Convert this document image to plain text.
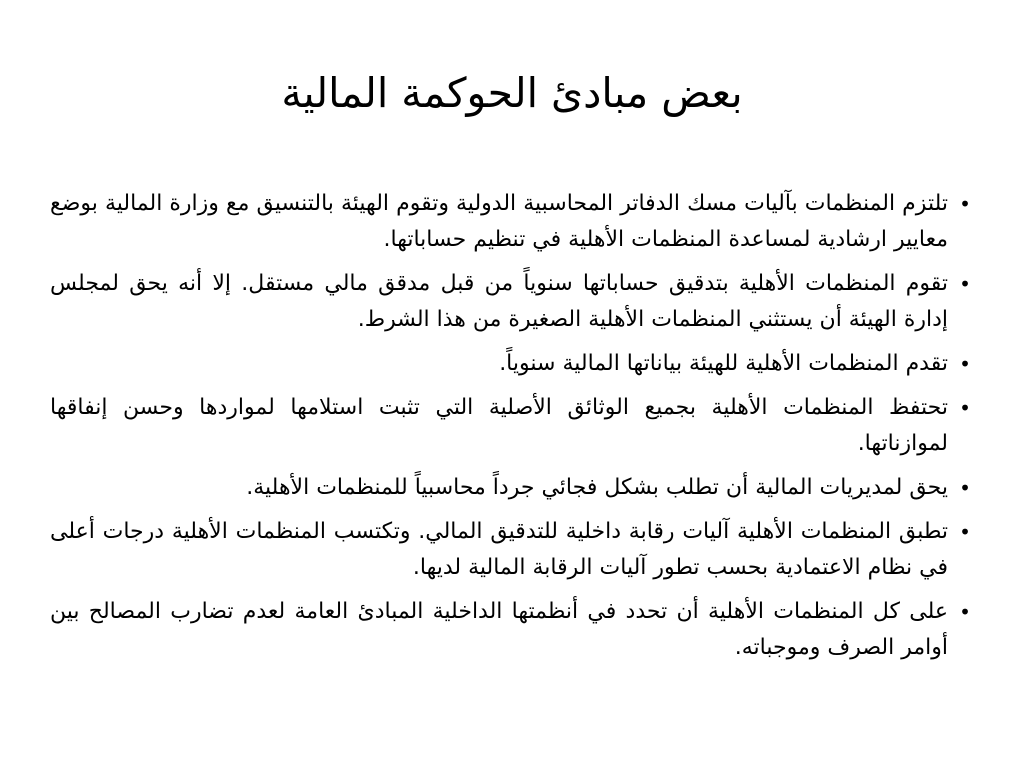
بعض مبادئ الحوكمة المالية
•
تلتزم المنظمات بآليات مسك الدفاتر المحاسبية الدولية وتقوم الهيئة بالتنسيق مع وزارة المالية بوضع معايير ارشادية لمساعدة المنظمات الأهلية في تنظيم حساباتها.
•
تقوم المنظمات الأهلية بتدقيق حساباتها سنوياً من قبل مدقق مالي مستقل. إلا أنه يحق لمجلس إدارة الهيئة أن يستثني المنظمات الأهلية الصغيرة من هذا الشرط.
•
تقدم المنظمات الأهلية للهيئة بياناتها المالية سنوياً.
•
تحتفظ المنظمات الأهلية بجميع الوثائق الأصلية التي تثبت استلامها لمواردها وحسن إنفاقها لموازناتها.
•
يحق لمديريات المالية أن تطلب بشكل فجائي جرداً محاسبياً للمنظمات الأهلية.
•
تطبق المنظمات الأهلية آليات رقابة داخلية للتدقيق المالي. وتكتسب المنظمات الأهلية درجات أعلى في نظام الاعتمادية بحسب تطور آليات الرقابة المالية لديها.
•
على كل المنظمات الأهلية أن تحدد في أنظمتها الداخلية المبادئ العامة لعدم تضارب المصالح بين أوامر الصرف وموجباته.
